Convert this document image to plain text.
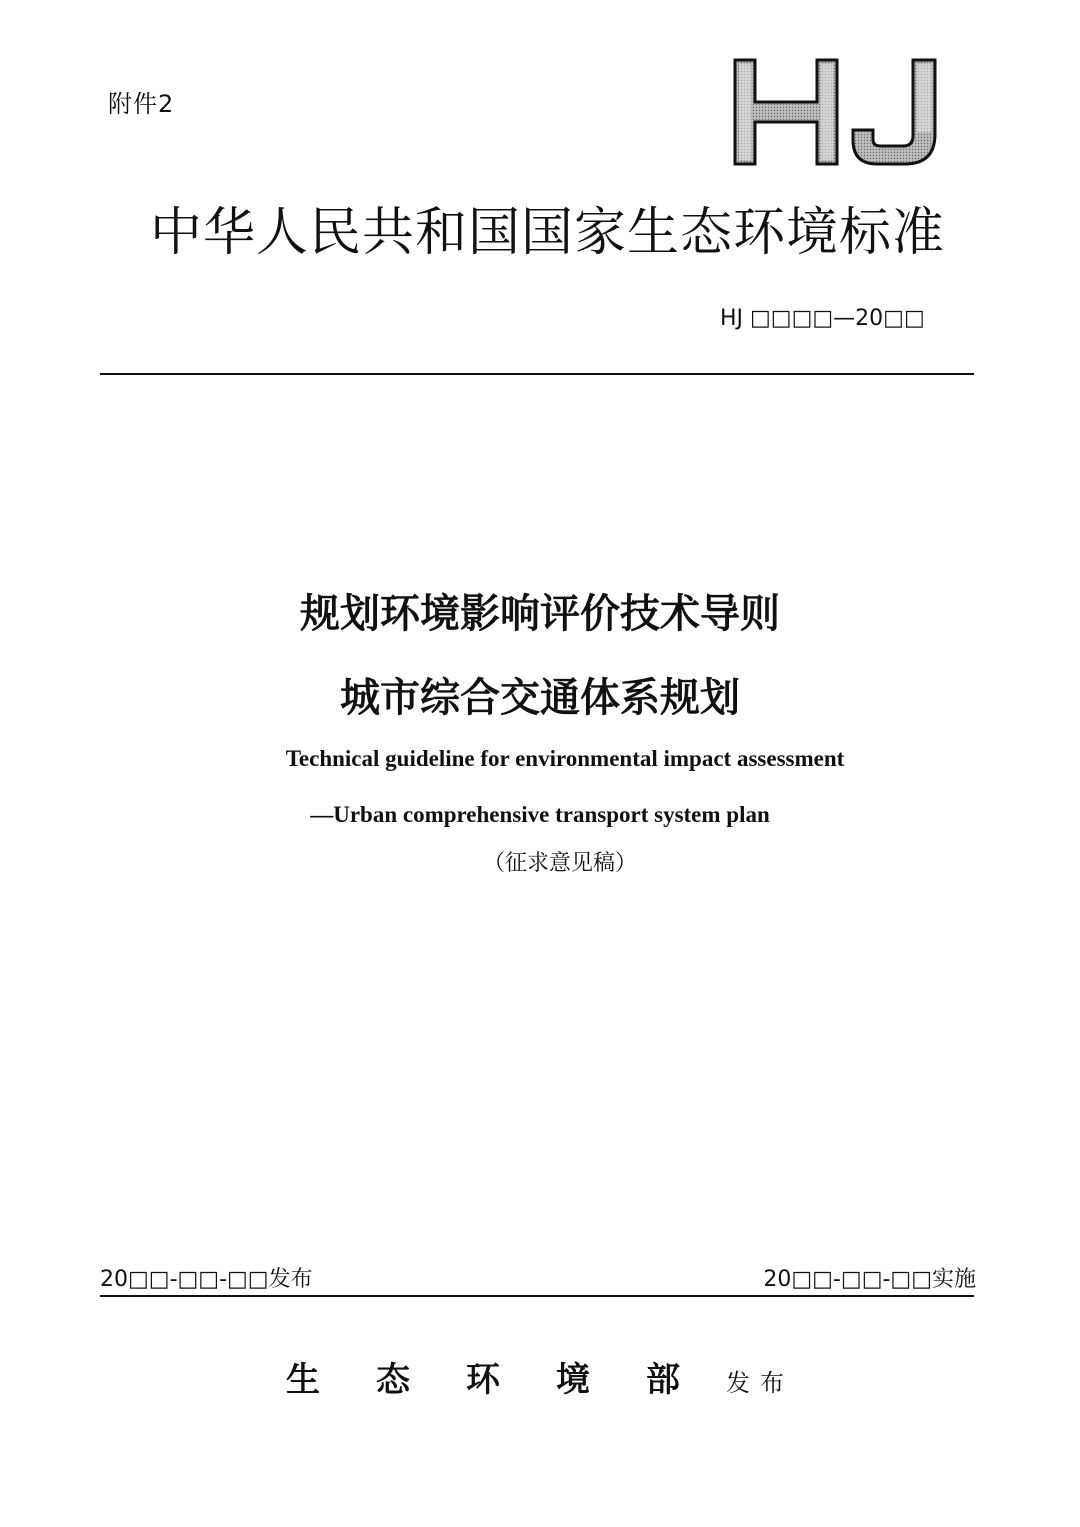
附件2
中华人民共和国国家生态环境标准
HJ □□□□—20□□
规划环境影响评价技术导则
城市综合交通体系规划
Technical guideline for environmental impact assessment
—Urban comprehensive transport system plan
（征求意见稿）
20□□-□□-□□发布	20□□-□□-□□实施
生态环境部发布
